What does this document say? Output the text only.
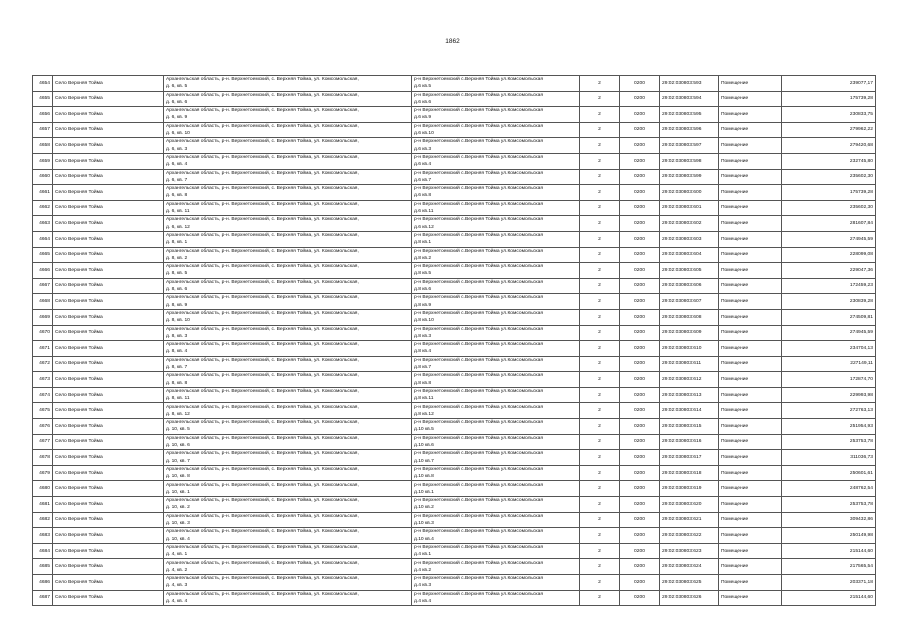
1862
4654	Село Верхняя Тойма	Архангельская область, р-н. Верхнетоемский, с. Верхняя Тойма, ул. Комсомольская,
д. 6, кв. 5	р-н Верхнетоемский с.Верхняя Тойма ул.Комсомольская
д.6 кв.5	2	0200	29:02:030803:593	Помещение	239077,17
4655	Село Верхняя Тойма	Архангельская область, р-н. Верхнетоемский, с. Верхняя Тойма, ул. Комсомольская,
д. 6, кв. 6	р-н Верхнетоемский с.Верхняя Тойма ул.Комсомольская
д.6 кв.6	2	0200	29:02:030803:594	Помещение	175739,28
4656	Село Верхняя Тойма	Архангельская область, р-н. Верхнетоемский, с. Верхняя Тойма, ул. Комсомольская,
д. 6, кв. 9	р-н Верхнетоемский с.Верхняя Тойма ул.Комсомольская
д.6 кв.9	2	0200	29:02:030803:595	Помещение	230833,75
4657	Село Верхняя Тойма	Архангельская область, р-н. Верхнетоемский, с. Верхняя Тойма, ул. Комсомольская,
д. 6, кв. 10	р-н Верхнетоемский с.Верхняя Тойма ул.Комсомольская
д.6 кв.10	2	0200	29:02:030803:596	Помещение	279962,22
4658	Село Верхняя Тойма	Архангельская область, р-н. Верхнетоемский, с. Верхняя Тойма, ул. Комсомольская,
д. 6, кв. 3	р-н Верхнетоемский с.Верхняя Тойма ул.Комсомольская
д.6 кв.3	2	0200	29:02:030803:597	Помещение	279420,68
4659	Село Верхняя Тойма	Архангельская область, р-н. Верхнетоемский, с. Верхняя Тойма, ул. Комсомольская,
д. 6, кв. 4	р-н Верхнетоемский с.Верхняя Тойма ул.Комсомольская
д.6 кв.4	2	0200	29:02:030803:598	Помещение	232745,80
4660	Село Верхняя Тойма	Архангельская область, р-н. Верхнетоемский, с. Верхняя Тойма, ул. Комсомольская,
д. 6, кв. 7	р-н Верхнетоемский с.Верхняя Тойма ул.Комсомольская
д.6 кв.7	2	0200	29:02:030803:599	Помещение	235602,30
4661	Село Верхняя Тойма	Архангельская область, р-н. Верхнетоемский, с. Верхняя Тойма, ул. Комсомольская,
д. 6, кв. 8	р-н Верхнетоемский с.Верхняя Тойма ул.Комсомольская
д.6 кв.8	2	0200	29:02:030803:600	Помещение	175739,28
4662	Село Верхняя Тойма	Архангельская область, р-н. Верхнетоемский, с. Верхняя Тойма, ул. Комсомольская,
д. 6, кв. 11	р-н Верхнетоемский с.Верхняя Тойма ул.Комсомольская
д.6 кв.11	2	0200	29:02:030803:601	Помещение	235602,30
4663	Село Верхняя Тойма	Архангельская область, р-н. Верхнетоемский, с. Верхняя Тойма, ул. Комсомольская,
д. 6, кв. 12	р-н Верхнетоемский с.Верхняя Тойма ул.Комсомольская
д.6 кв.12	2	0200	29:02:030803:602	Помещение	281607,84
4664	Село Верхняя Тойма	Архангельская область, р-н. Верхнетоемский, с. Верхняя Тойма, ул. Комсомольская,
д. 8, кв. 1	р-н Верхнетоемский с.Верхняя Тойма ул.Комсомольская
д.8 кв.1	2	0200	29:02:030803:603	Помещение	274945,59
4665	Село Верхняя Тойма	Архангельская область, р-н. Верхнетоемский, с. Верхняя Тойма, ул. Комсомольская,
д. 8, кв. 2	р-н Верхнетоемский с.Верхняя Тойма ул.Комсомольская
д.8 кв.2	2	0200	29:02:030803:604	Помещение	228099,08
4666	Село Верхняя Тойма	Архангельская область, р-н. Верхнетоемский, с. Верхняя Тойма, ул. Комсомольская,
д. 8, кв. 5	р-н Верхнетоемский с.Верхняя Тойма ул.Комсомольская
д.8 кв.5	2	0200	29:02:030803:605	Помещение	229047,36
4667	Село Верхняя Тойма	Архангельская область, р-н. Верхнетоемский, с. Верхняя Тойма, ул. Комсомольская,
д. 8, кв. 6	р-н Верхнетоемский с.Верхняя Тойма ул.Комсомольская
д.8 кв.6	2	0200	29:02:030803:606	Помещение	172459,23
4668	Село Верхняя Тойма	Архангельская область, р-н. Верхнетоемский, с. Верхняя Тойма, ул. Комсомольская,
д. 8, кв. 9	р-н Верхнетоемский с.Верхняя Тойма ул.Комсомольская
д.8 кв.9	2	0200	29:02:030803:607	Помещение	230839,28
4669	Село Верхняя Тойма	Архангельская область, р-н. Верхнетоемский, с. Верхняя Тойма, ул. Комсомольская,
д. 8, кв. 10	р-н Верхнетоемский с.Верхняя Тойма ул.Комсомольская
д.8 кв.10	2	0200	29:02:030803:608	Помещение	274509,81
4670	Село Верхняя Тойма	Архангельская область, р-н. Верхнетоемский, с. Верхняя Тойма, ул. Комсомольская,
д. 8, кв. 3	р-н Верхнетоемский с.Верхняя Тойма ул.Комсомольская
д.8 кв.3	2	0200	29:02:030803:609	Помещение	274945,59
4671	Село Верхняя Тойма	Архангельская область, р-н. Верхнетоемский, с. Верхняя Тойма, ул. Комсомольская,
д. 8, кв. 4	р-н Верхнетоемский с.Верхняя Тойма ул.Комсомольская
д.8 кв.4	2	0200	29:02:030803:610	Помещение	234704,13
4672	Село Верхняя Тойма	Архангельская область, р-н. Верхнетоемский, с. Верхняя Тойма, ул. Комсомольская,
д. 8, кв. 7	р-н Верхнетоемский с.Верхняя Тойма ул.Комсомольская
д.8 кв.7	2	0200	29:02:030803:611	Помещение	227149,11
4673	Село Верхняя Тойма	Архангельская область, р-н. Верхнетоемский, с. Верхняя Тойма, ул. Комсомольская,
д. 8, кв. 8	р-н Верхнетоемский с.Верхняя Тойма ул.Комсомольская
д.8 кв.8	2	0200	29:02:030803:612	Помещение	172874,70
4674	Село Верхняя Тойма	Архангельская область, р-н. Верхнетоемский, с. Верхняя Тойма, ул. Комсомольская,
д. 8, кв. 11	р-н Верхнетоемский с.Верхняя Тойма ул.Комсомольская
д.8 кв.11	2	0200	29:02:030803:613	Помещение	229993,98
4675	Село Верхняя Тойма	Архангельская область, р-н. Верхнетоемский, с. Верхняя Тойма, ул. Комсомольская,
д. 8, кв. 12	р-н Верхнетоемский с.Верхняя Тойма ул.Комсомольская
д.8 кв.12	2	0200	29:02:030803:614	Помещение	272763,13
4676	Село Верхняя Тойма	Архангельская область, р-н. Верхнетоемский, с. Верхняя Тойма, ул. Комсомольская,
д. 10, кв. 5	р-н Верхнетоемский с.Верхняя Тойма ул.Комсомольская
д.10 кв.5	2	0200	29:02:030803:615	Помещение	251954,93
4677	Село Верхняя Тойма	Архангельская область, р-н. Верхнетоемский, с. Верхняя Тойма, ул. Комсомольская,
д. 10, кв. 6	р-н Верхнетоемский с.Верхняя Тойма ул.Комсомольская
д.10 кв.6	2	0200	29:02:030803:616	Помещение	253753,78
4678	Село Верхняя Тойма	Архангельская область, р-н. Верхнетоемский, с. Верхняя Тойма, ул. Комсомольская,
д. 10, кв. 7	р-н Верхнетоемский с.Верхняя Тойма ул.Комсомольская
д.10 кв.7	2	0200	29:02:030803:617	Помещение	311036,73
4679	Село Верхняя Тойма	Архангельская область, р-н. Верхнетоемский, с. Верхняя Тойма, ул. Комсомольская,
д. 10, кв. 8	р-н Верхнетоемский с.Верхняя Тойма ул.Комсомольская
д.10 кв.8	2	0200	29:02:030803:618	Помещение	250601,61
4680	Село Верхняя Тойма	Архангельская область, р-н. Верхнетоемский, с. Верхняя Тойма, ул. Комсомольская,
д. 10, кв. 1	р-н Верхнетоемский с.Верхняя Тойма ул.Комсомольская
д.10 кв.1	2	0200	29:02:030803:619	Помещение	248762,54
4681	Село Верхняя Тойма	Архангельская область, р-н. Верхнетоемский, с. Верхняя Тойма, ул. Комсомольская,
д. 10, кв. 2	р-н Верхнетоемский с.Верхняя Тойма ул.Комсомольская
д.10 кв.2	2	0200	29:02:030803:620	Помещение	253753,78
4682	Село Верхняя Тойма	Архангельская область, р-н. Верхнетоемский, с. Верхняя Тойма, ул. Комсомольская,
д. 10, кв. 3	р-н Верхнетоемский с.Верхняя Тойма ул.Комсомольская
д.10 кв.3	2	0200	29:02:030803:621	Помещение	309432,86
4683	Село Верхняя Тойма	Архангельская область, р-н. Верхнетоемский, с. Верхняя Тойма, ул. Комсомольская,
д. 10, кв. 4	р-н Верхнетоемский с.Верхняя Тойма ул.Комсомольская
д.10 кв.4	2	0200	29:02:030803:622	Помещение	250149,98
4684	Село Верхняя Тойма	Архангельская область, р-н. Верхнетоемский, с. Верхняя Тойма, ул. Комсомольская,
д. 4, кв. 1	р-н Верхнетоемский с.Верхняя Тойма ул.Комсомольская
д.4 кв.1	2	0200	29:02:030803:623	Помещение	215144,60
4685	Село Верхняя Тойма	Архангельская область, р-н. Верхнетоемский, с. Верхняя Тойма, ул. Комсомольская,
д. 4, кв. 2	р-н Верхнетоемский с.Верхняя Тойма ул.Комсомольская
д.4 кв.2	2	0200	29:02:030803:624	Помещение	217565,54
4686	Село Верхняя Тойма	Архангельская область, р-н. Верхнетоемский, с. Верхняя Тойма, ул. Комсомольская,
д. 4, кв. 3	р-н Верхнетоемский с.Верхняя Тойма ул.Комсомольская
д.4 кв.3	2	0200	29:02:030803:625	Помещение	203371,18
4687	Село Верхняя Тойма	Архангельская область, р-н. Верхнетоемский, с. Верхняя Тойма, ул. Комсомольская,
д. 4, кв. 4	р-н Верхнетоемский с.Верхняя Тойма ул.Комсомольская
д.4 кв.4	2	0200	29:02:030803:626	Помещение	215144,60
